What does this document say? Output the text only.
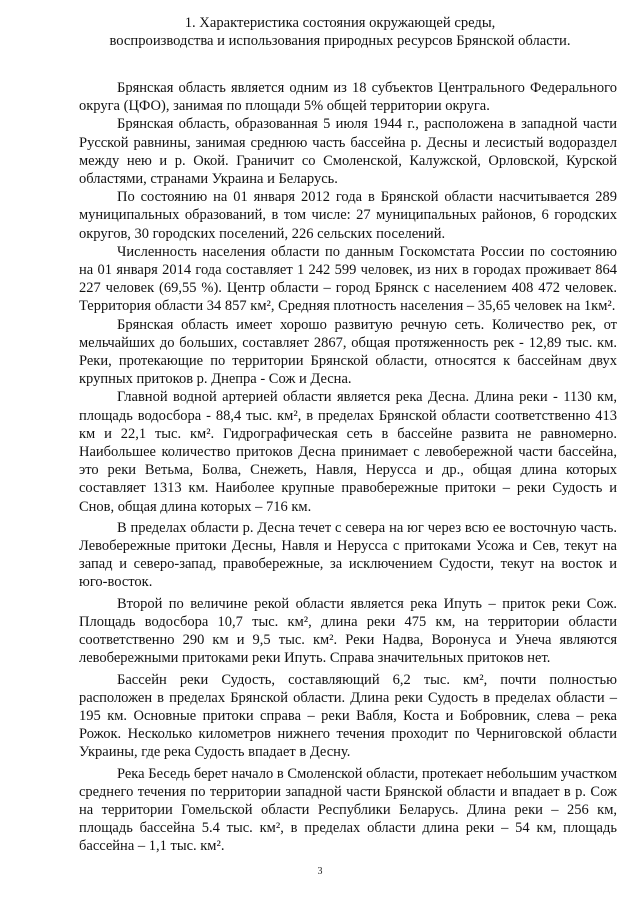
1. Характеристика состояния окружающей среды,
воспроизводства и использования природных ресурсов Брянской области.

Брянская область является одним из 18 субъектов Центрального Федерального округа (ЦФО), занимая по площади 5% общей территории округа.

Брянская область, образованная 5 июля 1944 г., расположена в западной части Русской равнины, занимая среднюю часть бассейна р. Десны и лесистый водораздел между нею и р. Окой. Граничит со Смоленской, Калужской, Орловской, Курской областями, странами Украина и Беларусь.

По состоянию на 01 января 2012 года в Брянской области насчитывается 289 муниципальных образований, в том числе: 27 муниципальных районов, 6 городских округов, 30 городских поселений, 226 сельских поселений.

Численность населения области по данным Госкомстата России по состоянию на 01 января 2014 года составляет 1 242 599 человек, из них в городах проживает 864 227 человек (69,55 %). Центр области – город Брянск с населением 408 472 человек. Территория области 34 857 км², Средняя плотность населения – 35,65 человек на 1км².

Брянская область имеет хорошо развитую речную сеть. Количество рек, от мельчайших до больших, составляет 2867, общая протяженность рек - 12,89 тыс. км. Реки, протекающие по территории Брянской области, относятся к бассейнам двух крупных притоков р. Днепра - Сож и Десна.

Главной водной артерией области является река Десна. Длина реки - 1130 км, площадь водосбора - 88,4 тыс. км², в пределах Брянской области соответственно 413 км и 22,1 тыс. км². Гидрографическая сеть в бассейне развита не равномерно. Наибольшее количество притоков Десна принимает с левобережной части бассейна, это реки Ветьма, Болва, Снежеть, Навля, Нерусса и др., общая длина которых составляет 1313 км. Наиболее крупные правобережные притоки – реки Судость и Снов, общая длина которых – 716 км.

В пределах области р. Десна течет с севера на юг через всю ее восточную часть. Левобережные притоки Десны, Навля и Нерусса с притоками Усожа и Сев, текут на запад и северо-запад, правобережные, за исключением Судости, текут на восток и юго-восток.

Второй по величине рекой области является река Ипуть – приток реки Сож. Площадь водосбора 10,7 тыс. км², длина реки 475 км, на территории области соответственно 290 км и 9,5 тыс. км². Реки Надва, Воронуса и Унеча являются левобережными притоками реки Ипуть. Справа значительных притоков нет.

Бассейн реки Судость, составляющий 6,2 тыс. км², почти полностью расположен в пределах Брянской области. Длина реки Судость в пределах области – 195 км. Основные притоки справа – реки Вабля, Коста и Бобровник, слева – река Рожок. Несколько километров нижнего течения проходит по Черниговской области Украины, где река Судость впадает в Десну.

Река Беседь берет начало в Смоленской области, протекает небольшим участком среднего течения по территории западной части Брянской области и впадает в р. Сож на территории Гомельской области Республики Беларусь. Длина реки – 256 км, площадь бассейна 5.4 тыс. км², в пределах области длина реки – 54 км, площадь бассейна – 1,1 тыс. км².

3
